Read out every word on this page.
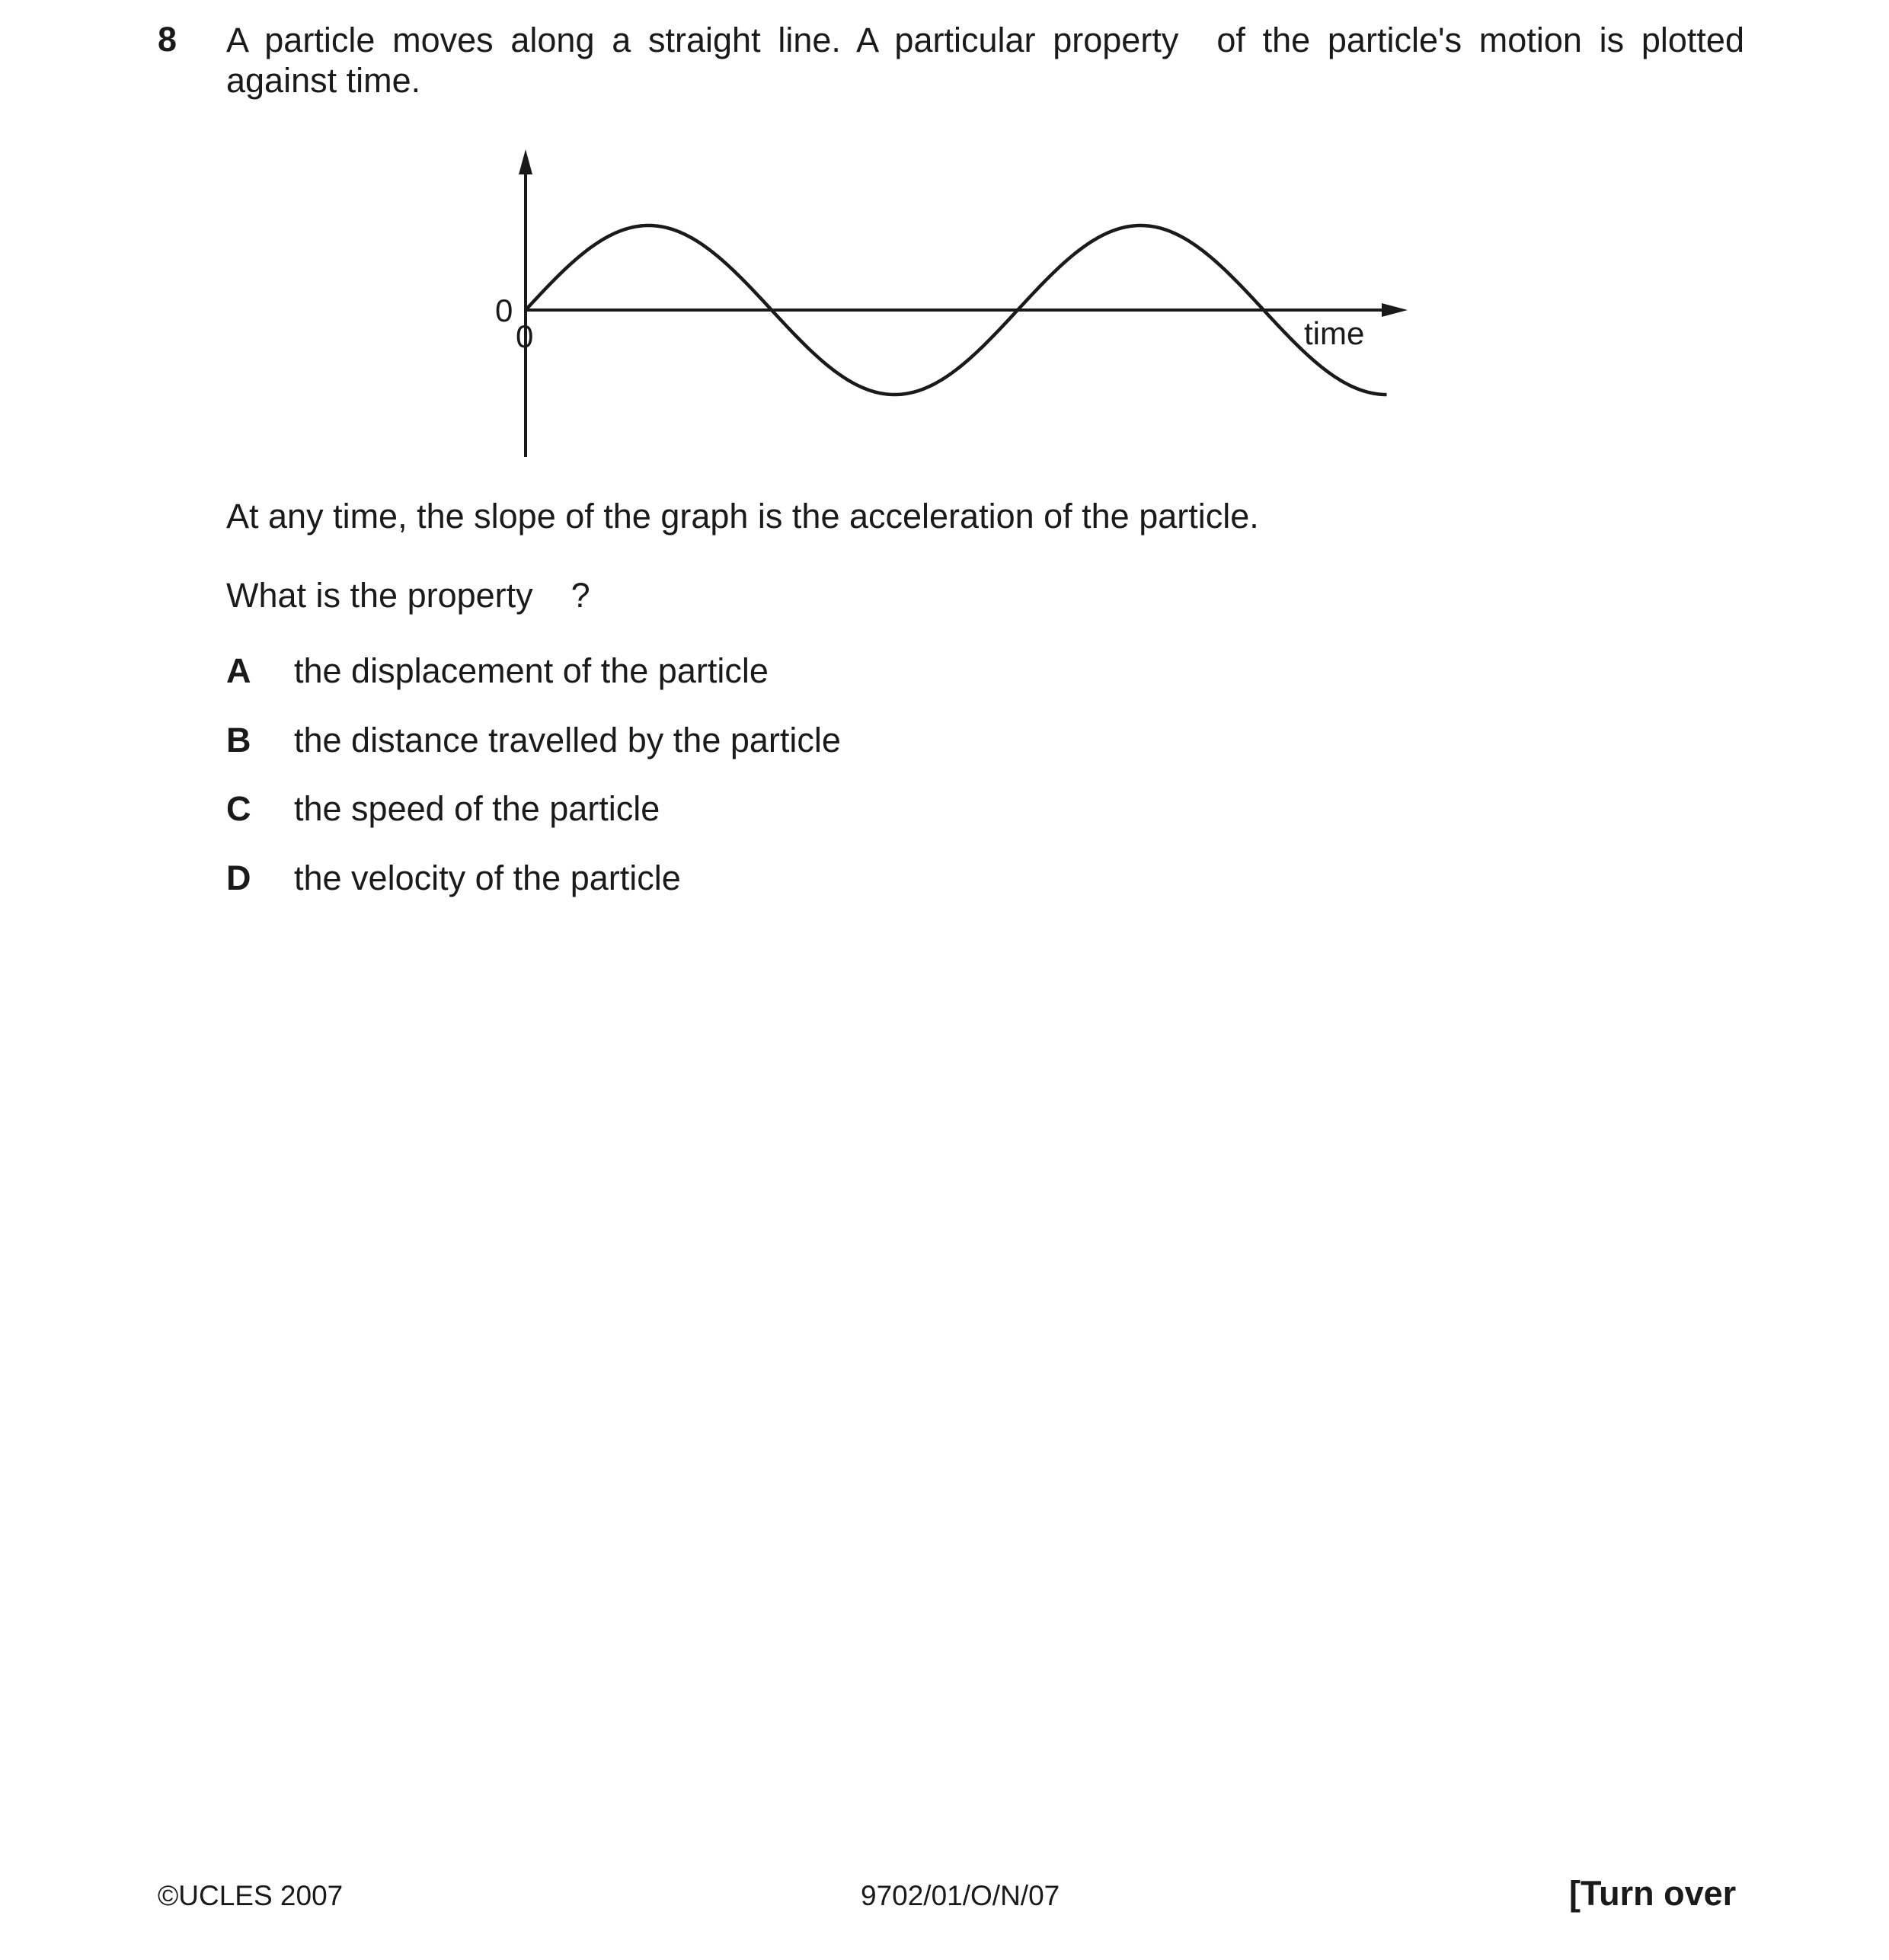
8 A particle moves along a straight line. A particular property of the particle's motion is plotted against time.
0
0	time
At any time, the slope of the graph is the acceleration of the particle.
What is the property ?
A the displacement of the particle
B the distance travelled by the particle
C the speed of the particle
D the velocity of the particle
©UCLES 2007	9702/01/O/N/07	[Turn over
